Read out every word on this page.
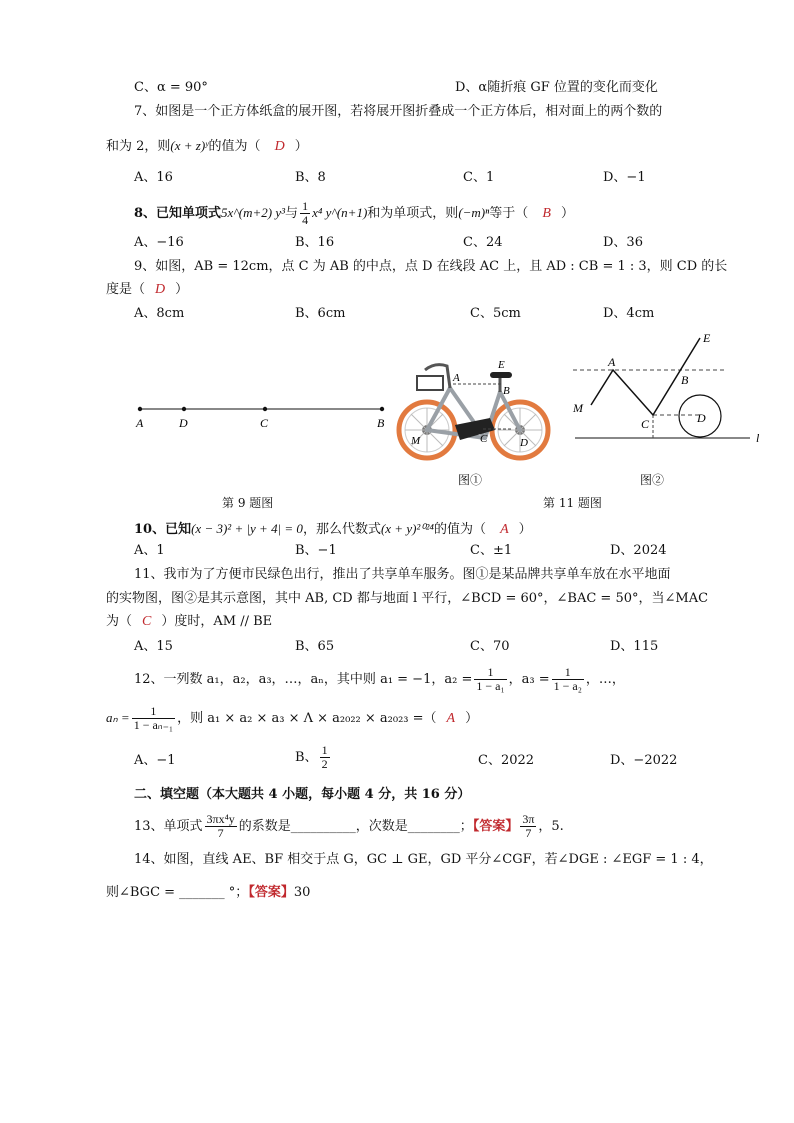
C、α = 90°	D、α随折痕 GF 位置的变化而变化
7、如图是一个正方体纸盒的展开图，若将展开图折叠成一个正方体后，相对面上的两个数的
和为 2，则(x + z)ʸ的值为（ D ）
A、16	B、8	C、1	D、−1
8、已知单项式5x^(m+2) y³与 $\frac{1}{4} x^4$ y^(n+1)和为单项式，则(−m)ⁿ等于（ B ）
A、−16	B、16	C、24	D、36
9、如图，AB = 12cm，点 C 为 AB 的中点，点 D 在线段 AC 上，且 AD : CB = 1 : 3，则 CD 的长
度是（ D ）
A、8cm	B、6cm	C、5cm	D、4cm
A	D	C	B
第 9 题图
A
E
B
M	C	D
A
E
B
M
C	D
l
图①	图②
第 11 题图
10、已知(x − 3)² + |y + 4| = 0，那么代数式(x + y)²⁰²⁴的值为（ A ）
A、1	B、−1	C、±1	D、2024
11、我市为了方便市民绿色出行，推出了共享单车服务。图①是某品牌共享单车放在水平地面
的实物图，图②是其示意图，其中 AB, CD 都与地面 l 平行，∠BCD = 60°，∠BAC = 50°，当∠MAC
为（ C ）度时，AM // BE
A、15	B、65	C、70	D、115
12、一列数 a₁，a₂，a₃，…，aₙ，其中则 a₁ = −1，$a_2 = \frac{1}{\text{1 − a₁}}$ ，$a_3 = \frac{1}{\text{1 − a₂}}$ ，…，
$a_n = \frac{1}{\text{1 − aₙ₋₁}}$ ，则 a₁ × a₂ × a₃ × Λ × a₂₀₂₂ × a₂₀₂₃ =（ A ）
A、−1	B、 $\frac{1}{2}$	C、2022	D、−2022
二、填空题（本大题共 4 小题，每小题 4 分，共 16 分）
13、单项式 $\frac{\text{3πx⁴y}}{7}$ 的系数是__________，次数是________；【答案】 $\frac{3\pi}{7}$ ，5.
14、如图，直线 AE、BF 相交于点 G，GC ⊥ GE，GD 平分∠CGF，若∠DGE : ∠EGF = 1 : 4，
则∠BGC = _______ °；【答案】30
